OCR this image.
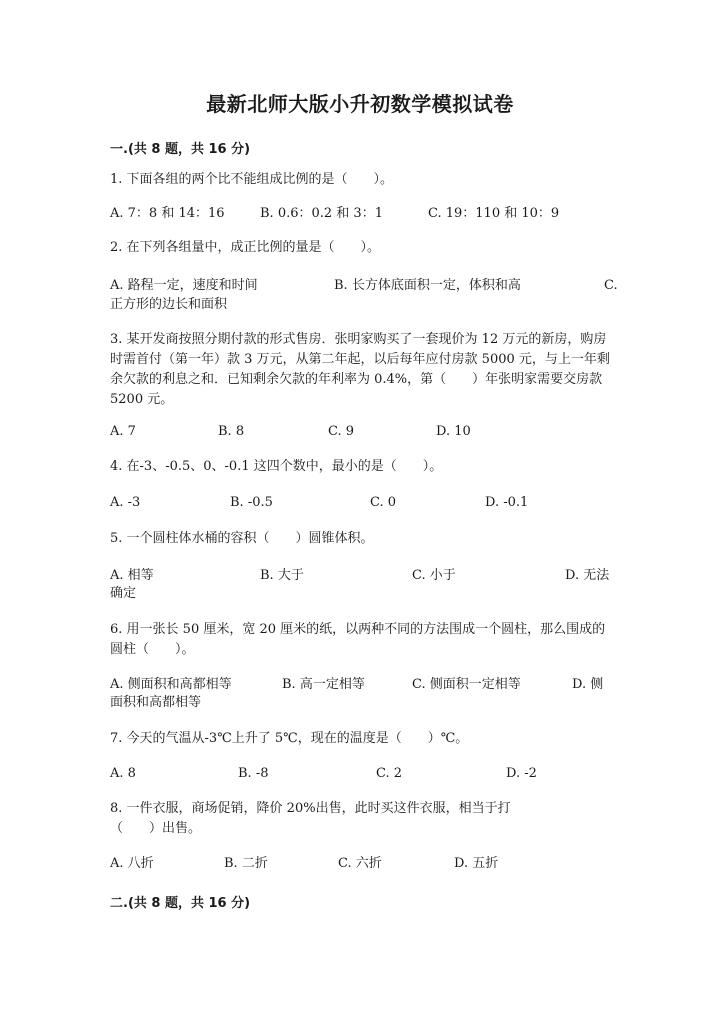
最新北师大版小升初数学模拟试卷
一.(共 8 题，共 16 分)
1. 下面各组的两个比不能组成比例的是（　　）。
A. 7：8 和 14：16	B. 0.6：0.2 和 3：1	C. 19：110 和 10：9
2. 在下列各组量中，成正比例的量是（　　）。
A. 路程一定，速度和时间	B. 长方体底面积一定，体积和高	C.
正方形的边长和面积
3. 某开发商按照分期付款的形式售房．张明家购买了一套现价为 12 万元的新房，购房时需首付（第一年）款 3 万元，从第二年起，以后每年应付房款 5000 元，与上一年剩余欠款的利息之和．已知剩余欠款的年利率为 0.4%，第（　　）年张明家需要交房款 5200 元。
A. 7	B. 8	C. 9	D. 10
4. 在-3、-0.5、0、-0.1 这四个数中，最小的是（　　）。
A. -3	B. -0.5	C. 0	D. -0.1
5. 一个圆柱体水桶的容积（　　）圆锥体积。
A. 相等	B. 大于	C. 小于	D. 无法
确定
6. 用一张长 50 厘米，宽 20 厘米的纸，以两种不同的方法围成一个圆柱，那么围成的圆柱（　　）。
A. 侧面积和高都相等	B. 高一定相等	C. 侧面积一定相等	D. 侧
面积和高都相等
7. 今天的气温从-3℃上升了 5℃，现在的温度是（　　）℃。
A. 8	B. -8	C. 2	D. -2
8. 一件衣服，商场促销，降价 20%出售，此时买这件衣服，相当于打（　　）出售。
A. 八折	B. 二折	C. 六折	D. 五折
二.(共 8 题，共 16 分)
